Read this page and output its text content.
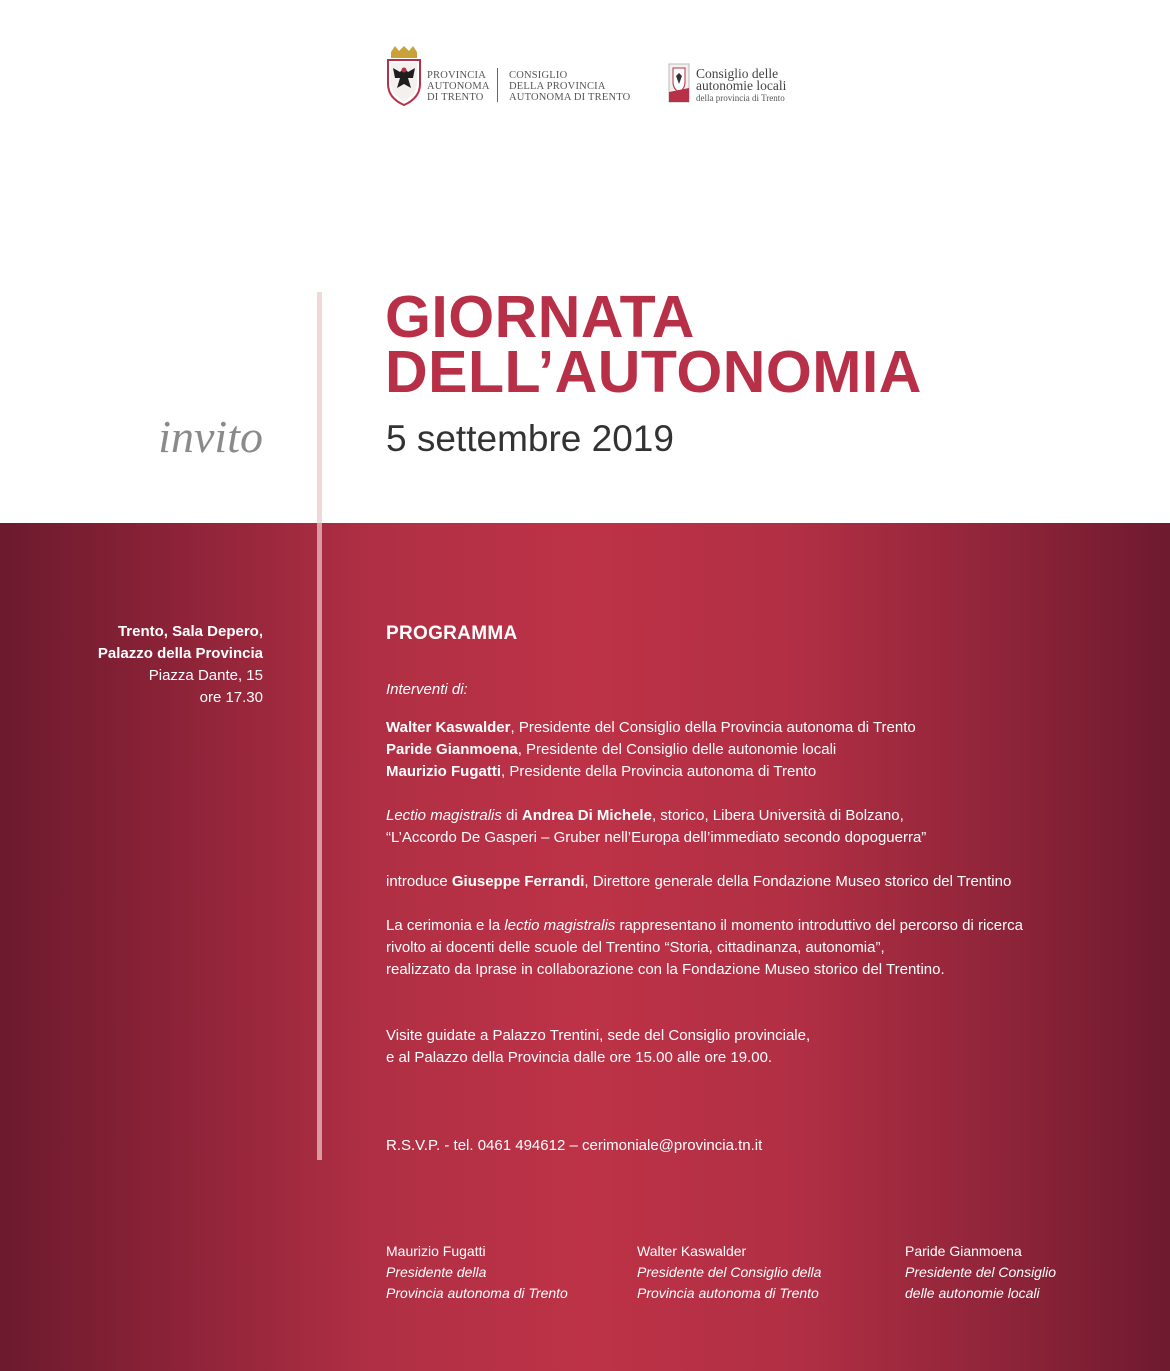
PROVINCIA
AUTONOMA
DI TRENTO
CONSIGLIO
DELLA PROVINCIA
AUTONOMA DI TRENTO
Consiglio delle
autonomie locali
della provincia di Trento
GIORNATA
DELL’AUTONOMIA
5 settembre 2019
invito
Trento, Sala Depero,
Palazzo della Provincia
Piazza Dante, 15
ore 17.30
PROGRAMMA
Interventi di:
Walter Kaswalder, Presidente del Consiglio della Provincia autonoma di Trento
Paride Gianmoena, Presidente del Consiglio delle autonomie locali
Maurizio Fugatti, Presidente della Provincia autonoma di Trento
Lectio magistralis di Andrea Di Michele, storico, Libera Università di Bolzano,
“L’Accordo De Gasperi – Gruber nell’Europa dell’immediato secondo dopoguerra”
introduce Giuseppe Ferrandi, Direttore generale della Fondazione Museo storico del Trentino
La cerimonia e la lectio magistralis rappresentano il momento introduttivo del percorso di ricerca
rivolto ai docenti delle scuole del Trentino “Storia, cittadinanza, autonomia”,
realizzato da Iprase in collaborazione con la Fondazione Museo storico del Trentino.
Visite guidate a Palazzo Trentini, sede del Consiglio provinciale,
e al Palazzo della Provincia dalle ore 15.00 alle ore 19.00.
R.S.V.P. - tel. 0461 494612 – cerimoniale@provincia.tn.it
Maurizio Fugatti
Presidente della
Provincia autonoma di Trento
Walter Kaswalder
Presidente del Consiglio della
Provincia autonoma di Trento
Paride Gianmoena
Presidente del Consiglio
delle autonomie locali
